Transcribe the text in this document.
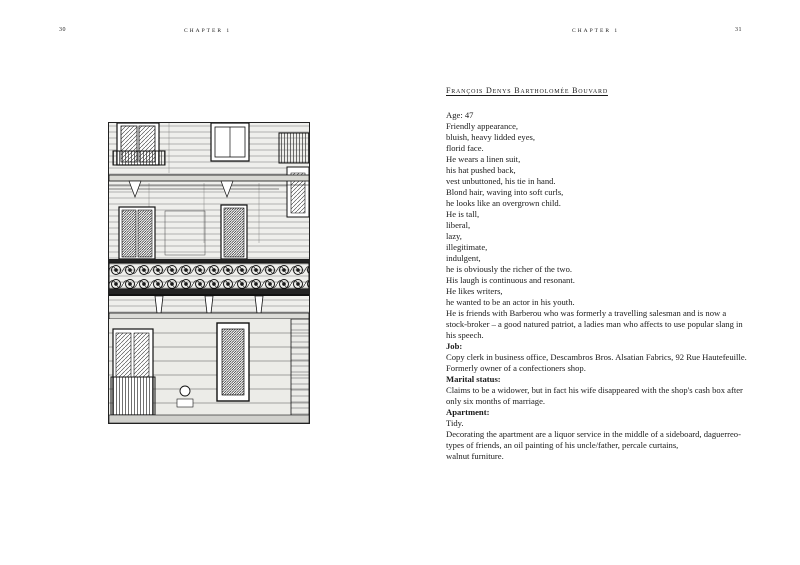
30	CHAPTER 1	CHAPTER 1	31
François Denys Bartholomée Bouvard
Age: 47
Friendly appearance,
bluish, heavy lidded eyes,
florid face.
He wears a linen suit,
his hat pushed back,
vest unbuttoned, his tie in hand.
Blond hair, waving into soft curls,
he looks like an overgrown child.
He is tall,
liberal,
lazy,
illegitimate,
indulgent,
he is obviously the richer of the two.
His laugh is continuous and resonant.
He likes writers,
he wanted to be an actor in his youth.
He is friends with Barberou who was formerly a travelling salesman and is now a stock-broker – a good natured patriot, a ladies man who affects to use popular slang in his speech.
Job:
Copy clerk in business office, Descambros Bros. Alsatian Fabrics, 92 Rue Hautefeuille.
Formerly owner of a confectioners shop.
Marital status:
Claims to be a widower, but in fact his wife disappeared with the shop's cash box after only six months of marriage.
Apartment:
Tidy.
Decorating the apartment are a liquor service in the middle of a sideboard, daguerreo-types of friends, an oil painting of his uncle/father, percale curtains,
walnut furniture.
